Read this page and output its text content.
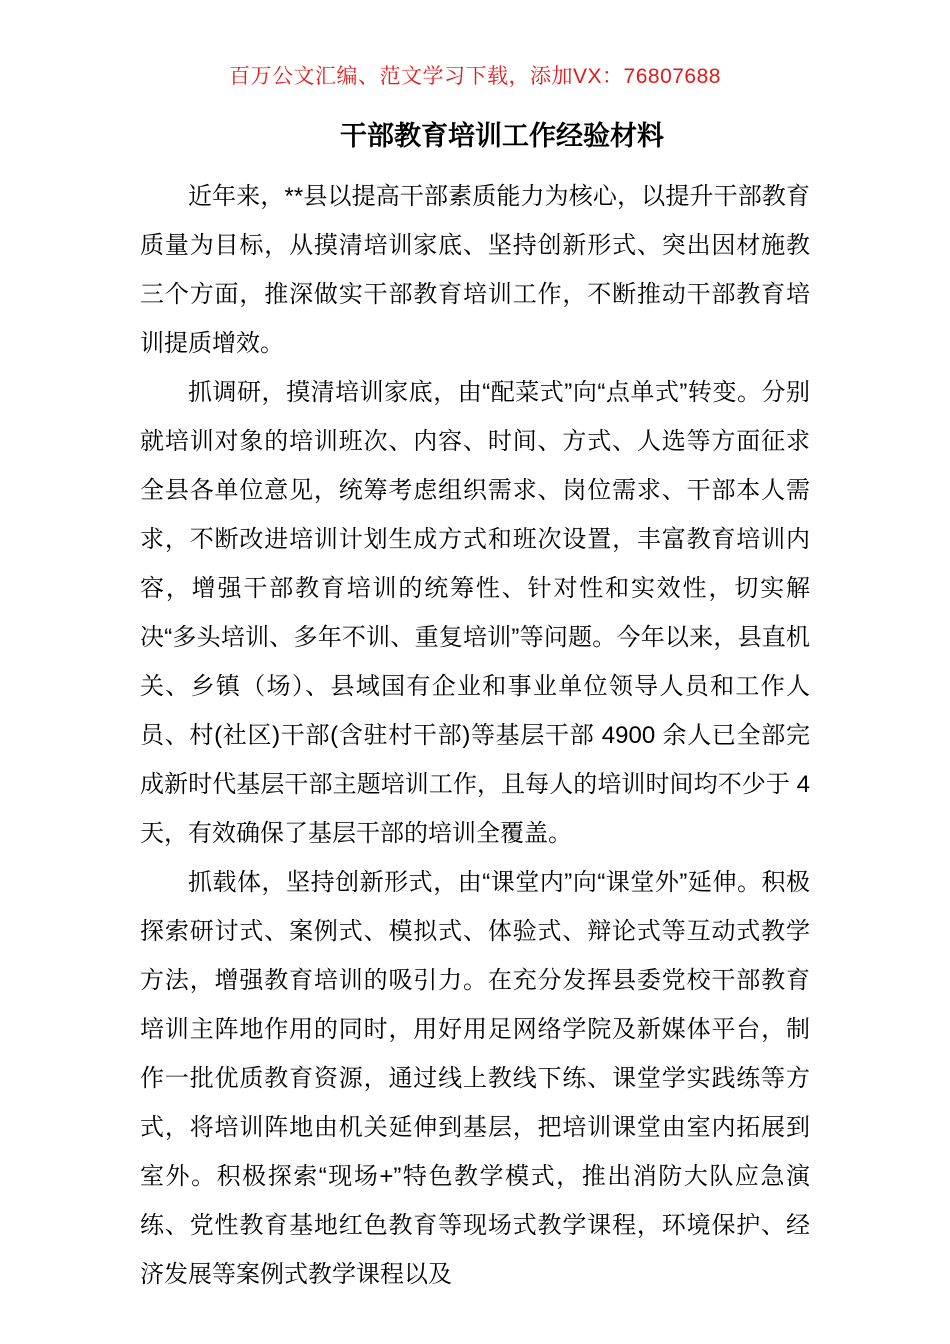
百万公文汇编、范文学习下载，添加VX：76807688
干部教育培训工作经验材料

近年来，**县以提高干部素质能力为核心，以提升干部教育质量为目标，从摸清培训家底、坚持创新形式、突出因材施教三个方面，推深做实干部教育培训工作，不断推动干部教育培训提质增效。

抓调研，摸清培训家底，由“配菜式”向“点单式”转变。分别就培训对象的培训班次、内容、时间、方式、人选等方面征求全县各单位意见，统筹考虑组织需求、岗位需求、干部本人需求，不断改进培训计划生成方式和班次设置，丰富教育培训内容，增强干部教育培训的统筹性、针对性和实效性，切实解决“多头培训、多年不训、重复培训”等问题。今年以来，县直机关、乡镇（场）、县域国有企业和事业单位领导人员和工作人员、村(社区)干部(含驻村干部)等基层干部 4900 余人已全部完成新时代基层干部主题培训工作，且每人的培训时间均不少于 4 天，有效确保了基层干部的培训全覆盖。

抓载体，坚持创新形式，由“课堂内”向“课堂外”延伸。积极探索研讨式、案例式、模拟式、体验式、辩论式等互动式教学方法，增强教育培训的吸引力。在充分发挥县委党校干部教育培训主阵地作用的同时，用好用足网络学院及新媒体平台，制作一批优质教育资源，通过线上教线下练、课堂学实践练等方式，将培训阵地由机关延伸到基层，把培训课堂由室内拓展到室外。积极探索“现场+”特色教学模式，推出消防大队应急演练、党性教育基地红色教育等现场式教学课程，环境保护、经济发展等案例式教学课程以及
